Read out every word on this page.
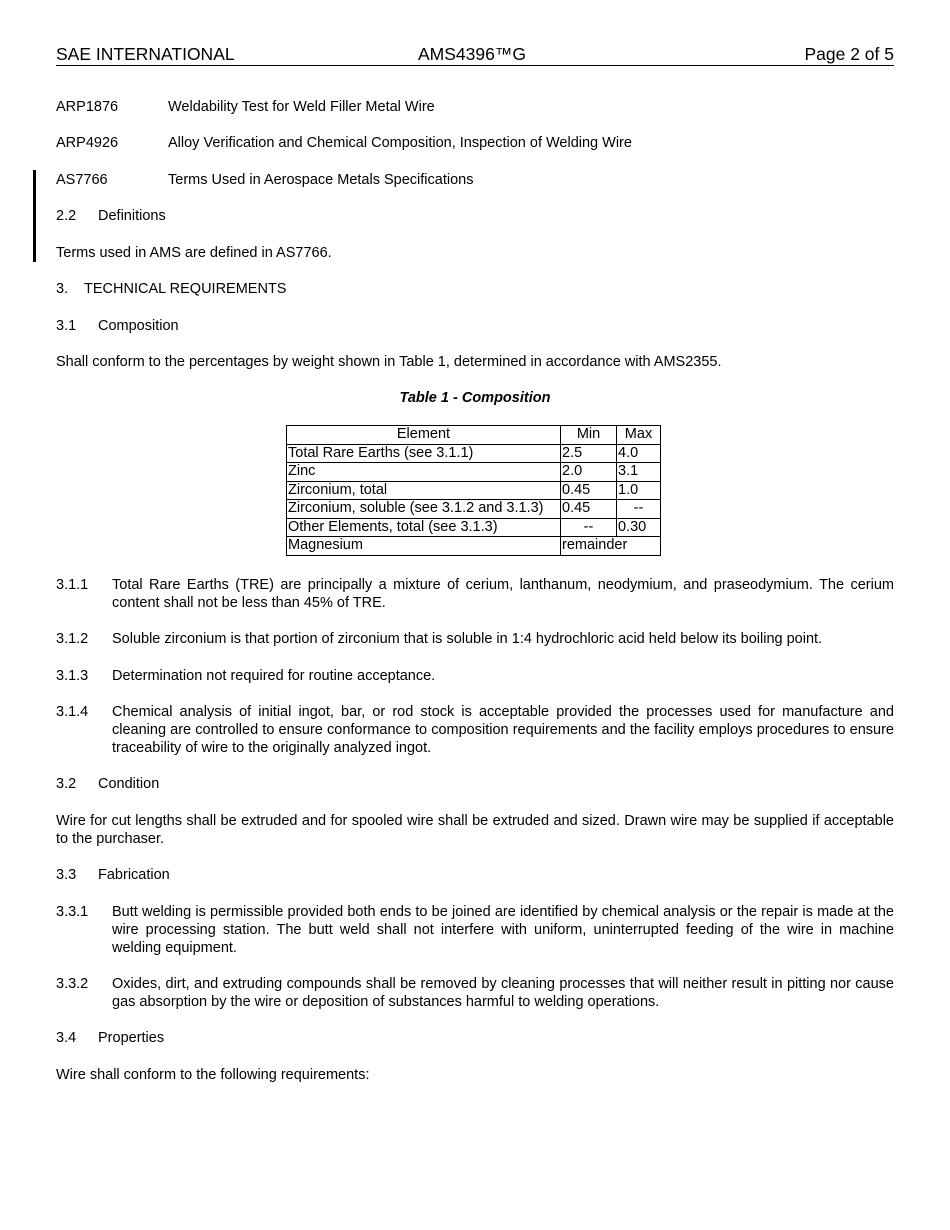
SAE INTERNATIONAL	AMS4396™G	Page 2 of 5
ARP1876	Weldability Test for Weld Filler Metal Wire
ARP4926	Alloy Verification and Chemical Composition, Inspection of Welding Wire
AS7766	Terms Used in Aerospace Metals Specifications
2.2 Definitions
Terms used in AMS are defined in AS7766.
3. TECHNICAL REQUIREMENTS
3.1 Composition
Shall conform to the percentages by weight shown in Table 1, determined in accordance with AMS2355.
Table 1 - Composition
Element	Min	Max
Total Rare Earths (see 3.1.1)	2.5	4.0
Zinc	2.0	3.1
Zirconium, total	0.45	1.0
Zirconium, soluble (see 3.1.2 and 3.1.3)	0.45	--
Other Elements, total (see 3.1.3)	--	0.30
Magnesium	remainder	
3.1.1 Total Rare Earths (TRE) are principally a mixture of cerium, lanthanum, neodymium, and praseodymium. The cerium content shall not be less than 45% of TRE.
3.1.2 Soluble zirconium is that portion of zirconium that is soluble in 1:4 hydrochloric acid held below its boiling point.
3.1.3 Determination not required for routine acceptance.
3.1.4 Chemical analysis of initial ingot, bar, or rod stock is acceptable provided the processes used for manufacture and cleaning are controlled to ensure conformance to composition requirements and the facility employs procedures to ensure traceability of wire to the originally analyzed ingot.
3.2 Condition
Wire for cut lengths shall be extruded and for spooled wire shall be extruded and sized. Drawn wire may be supplied if acceptable to the purchaser.
3.3 Fabrication
3.3.1 Butt welding is permissible provided both ends to be joined are identified by chemical analysis or the repair is made at the wire processing station. The butt weld shall not interfere with uniform, uninterrupted feeding of the wire in machine welding equipment.
3.3.2 Oxides, dirt, and extruding compounds shall be removed by cleaning processes that will neither result in pitting nor cause gas absorption by the wire or deposition of substances harmful to welding operations.
3.4 Properties
Wire shall conform to the following requirements:
